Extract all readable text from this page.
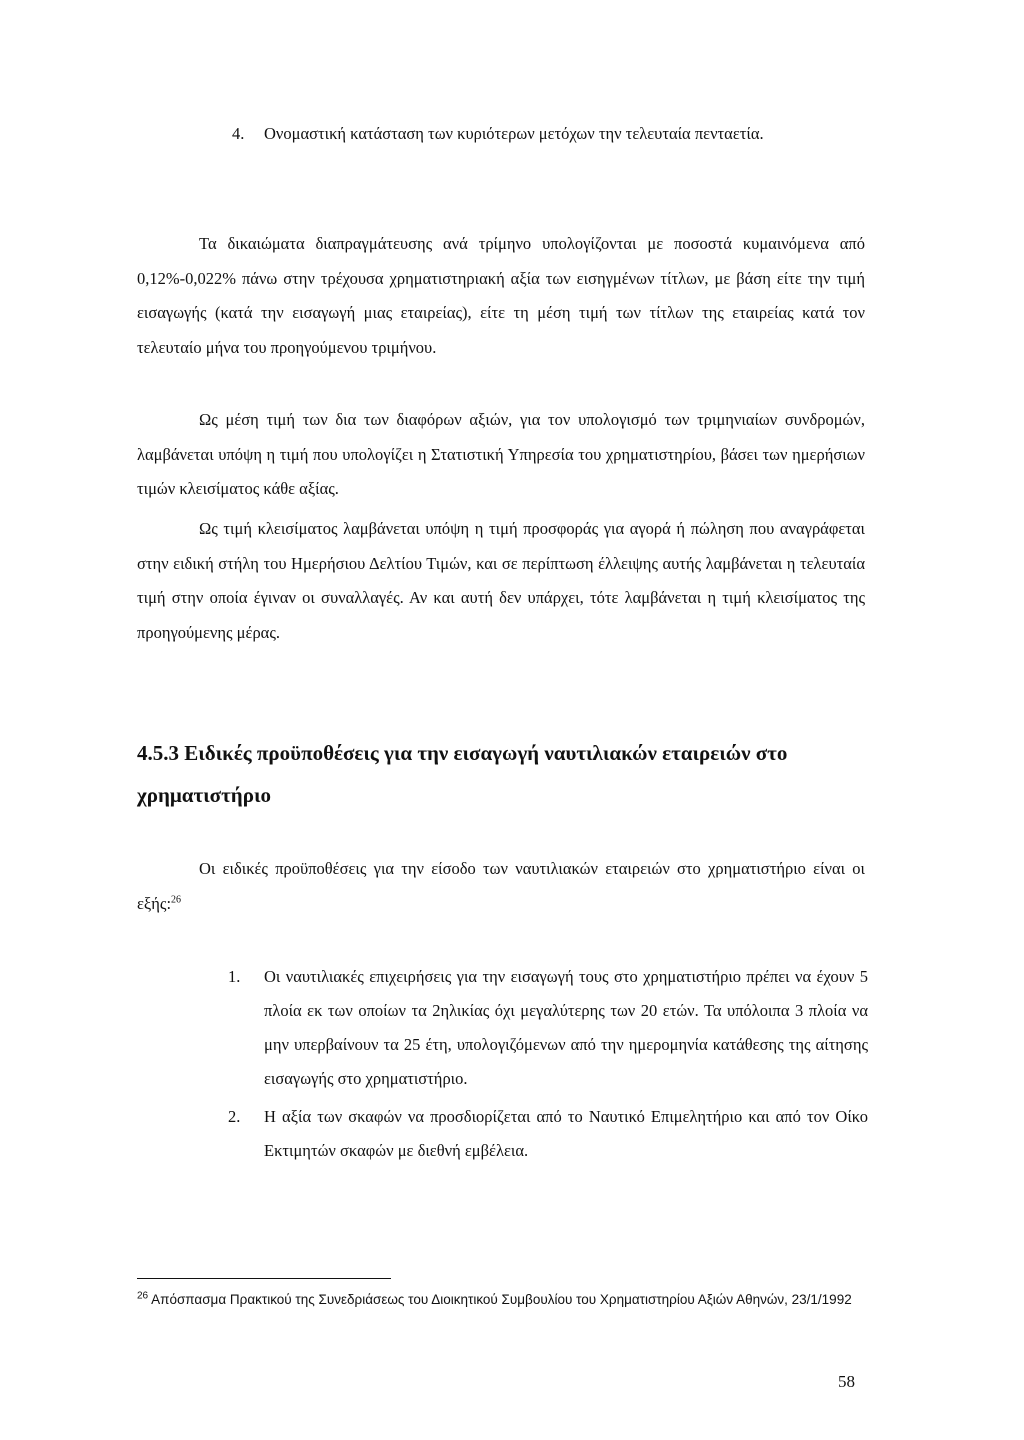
4. Ονομαστική κατάσταση των κυριότερων μετόχων την τελευταία πενταετία.
Τα δικαιώματα διαπραγμάτευσης ανά τρίμηνο υπολογίζονται με ποσοστά κυμαινόμενα από 0,12%-0,022% πάνω στην τρέχουσα χρηματιστηριακή αξία των εισηγμένων τίτλων, με βάση είτε την τιμή εισαγωγής (κατά την εισαγωγή μιας εταιρείας), είτε τη μέση τιμή των τίτλων της εταιρείας κατά τον τελευταίο μήνα του προηγούμενου τριμήνου.
Ως μέση τιμή των δια των διαφόρων αξιών, για τον υπολογισμό των τριμηνιαίων συνδρομών, λαμβάνεται υπόψη η τιμή που υπολογίζει η Στατιστική Υπηρεσία του χρηματιστηρίου, βάσει των ημερήσιων τιμών κλεισίματος κάθε αξίας.
Ως τιμή κλεισίματος λαμβάνεται υπόψη η τιμή προσφοράς για αγορά ή πώληση που αναγράφεται στην ειδική στήλη του Ημερήσιου Δελτίου Τιμών, και σε περίπτωση έλλειψης αυτής λαμβάνεται η τελευταία τιμή στην οποία έγιναν οι συναλλαγές. Αν και αυτή δεν υπάρχει, τότε λαμβάνεται η τιμή κλεισίματος της προηγούμενης μέρας.
4.5.3 Ειδικές προϋποθέσεις για την εισαγωγή ναυτιλιακών εταιρειών στο χρηματιστήριο
Οι ειδικές προϋποθέσεις για την είσοδο των ναυτιλιακών εταιρειών στο χρηματιστήριο είναι οι εξής:$^{26}$
1. Οι ναυτιλιακές επιχειρήσεις για την εισαγωγή τους στο χρηματιστήριο πρέπει να έχουν 5 πλοία εκ των οποίων τα 2ηλικίας όχι μεγαλύτερης των 20 ετών. Τα υπόλοιπα 3 πλοία να μην υπερβαίνουν τα 25 έτη, υπολογιζόμενων από την ημερομηνία κατάθεσης της αίτησης εισαγωγής στο χρηματιστήριο.
2. Η αξία των σκαφών να προσδιορίζεται από το Ναυτικό Επιμελητήριο και από τον Οίκο Εκτιμητών σκαφών με διεθνή εμβέλεια.
$^{26}$ Απόσπασμα Πρακτικού της Συνεδριάσεως του Διοικητικού Συμβουλίου του Χρηματιστηρίου Αξιών Αθηνών, 23/1/1992
58
